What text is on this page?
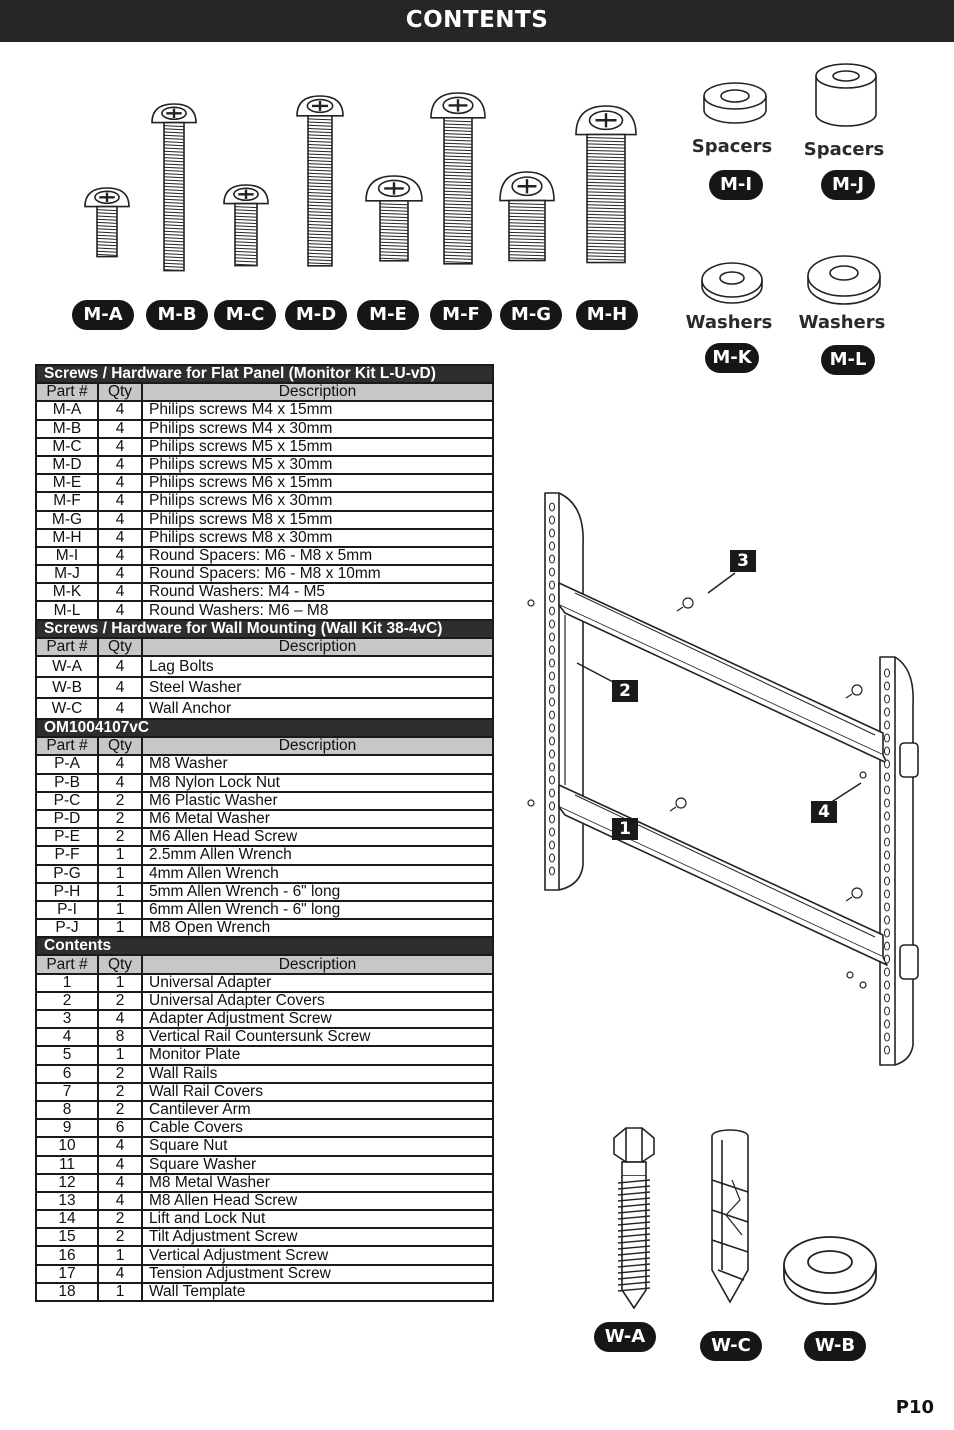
CONTENTS
M-A	M-B	M-C	M-D	M-E	M-F	M-G	M-H
Spacers	Spacers
M-I	M-J
Washers	Washers
M-K	M-L
Screws / Hardware for Flat Panel (Monitor Kit L-U-vD)		
Part #	Qty	Description
M-A	4	Philips screws M4 x 15mm
M-B	4	Philips screws M4 x 30mm
M-C	4	Philips screws M5 x 15mm
M-D	4	Philips screws M5 x 30mm
M-E	4	Philips screws M6 x 15mm
M-F	4	Philips screws M6 x 30mm
M-G	4	Philips screws M8 x 15mm
M-H	4	Philips screws M8 x 30mm
M-I	4	Round Spacers: M6 - M8 x 5mm
M-J	4	Round Spacers: M6 - M8 x 10mm
M-K	4	Round Washers: M4 - M5
M-L	4	Round Washers: M6 – M8
Screws / Hardware for Wall Mounting (Wall Kit 38-4vC)		
Part #	Qty	Description
W-A	4	Lag Bolts
W-B	4	Steel Washer
W-C	4	Wall Anchor
OM1004107vC		
Part #	Qty	Description
P-A	4	M8 Washer
P-B	4	M8 Nylon Lock Nut
P-C	2	M6 Plastic Washer
P-D	2	M6 Metal Washer
P-E	2	M6 Allen Head Screw
P-F	1	2.5mm Allen Wrench
P-G	1	4mm Allen Wrench
P-H	1	5mm Allen Wrench - 6" long
P-I	1	6mm Allen Wrench - 6" long
P-J	1	M8 Open Wrench
Contents		
Part #	Qty	Description
1	1	Universal Adapter
2	2	Universal Adapter Covers
3	4	Adapter Adjustment Screw
4	8	Vertical Rail Countersunk Screw
5	1	Monitor Plate
6	2	Wall Rails
7	2	Wall Rail Covers
8	2	Cantilever Arm
9	6	Cable Covers
10	4	Square Nut
11	4	Square Washer
12	4	M8 Metal Washer
13	4	M8 Allen Head Screw
14	2	Lift and Lock Nut
15	2	Tilt Adjustment Screw
16	1	Vertical Adjustment Screw
17	4	Tension Adjustment Screw
18	1	Wall Template
3
2
4
1
W-A	W-C	W-B
P10
